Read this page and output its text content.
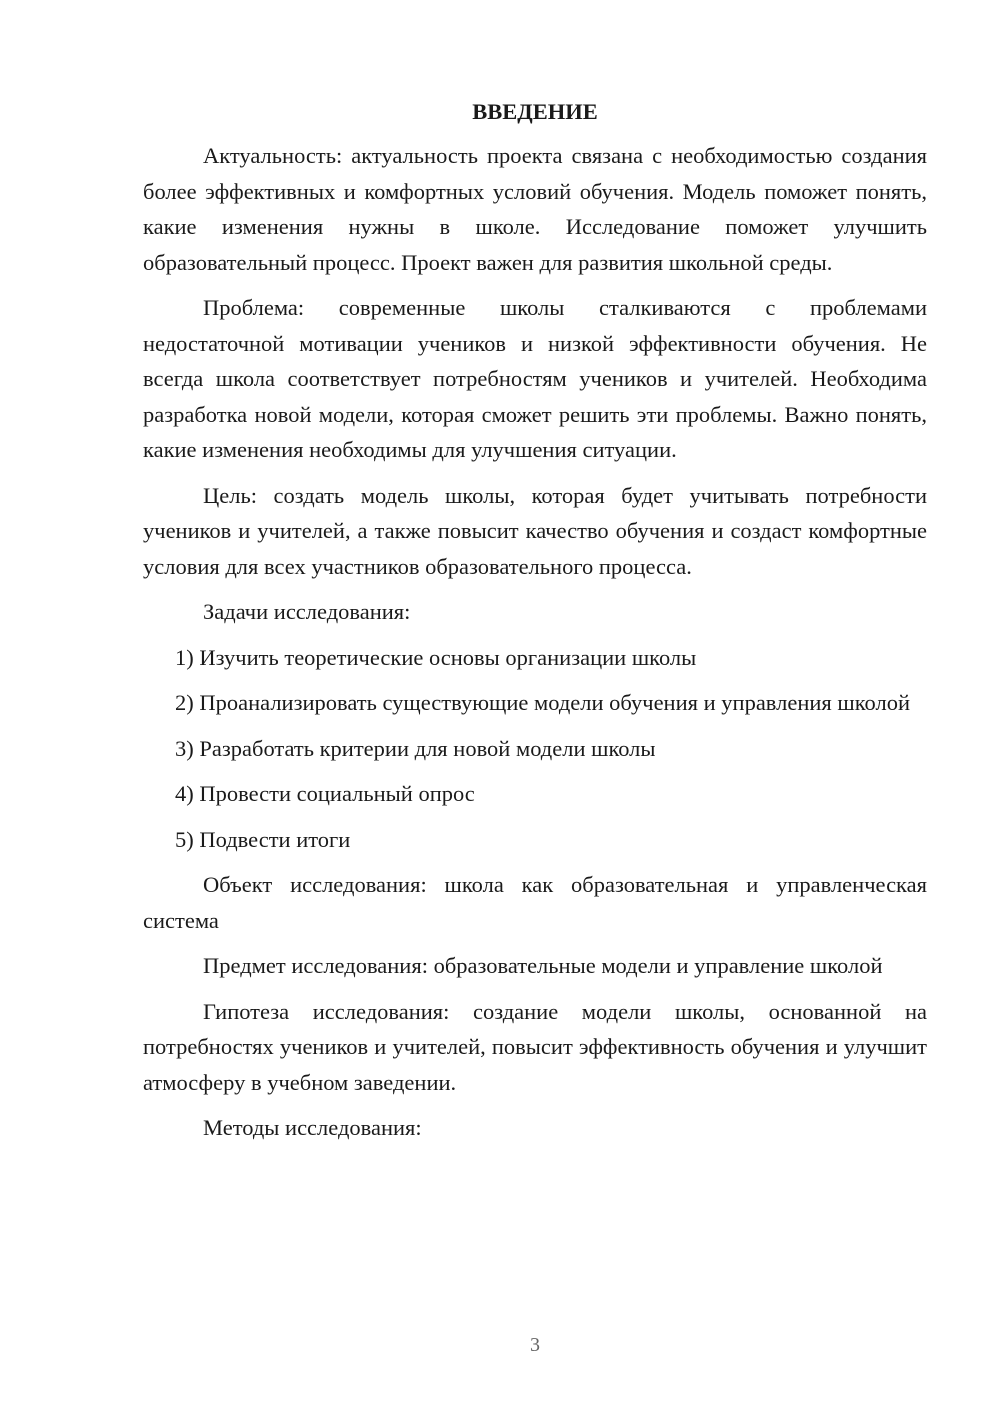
ВВЕДЕНИЕ

Актуальность: актуальность проекта связана с необходимостью создания более эффективных и комфортных условий обучения. Модель поможет понять, какие изменения нужны в школе. Исследование поможет улучшить образовательный процесс. Проект важен для развития школьной среды.

Проблема: современные школы сталкиваются с проблемами недостаточной мотивации учеников и низкой эффективности обучения. Не всегда школа соответствует потребностям учеников и учителей. Необходима разработка новой модели, которая сможет решить эти проблемы. Важно понять, какие изменения необходимы для улучшения ситуации.

Цель: создать модель школы, которая будет учитывать потребности учеников и учителей, а также повысит качество обучения и создаст комфортные условия для всех участников образовательного процесса.

Задачи исследования:

1) Изучить теоретические основы организации школы

2) Проанализировать существующие модели обучения и управления школой

3) Разработать критерии для новой модели школы

4) Провести социальный опрос

5) Подвести итоги

Объект исследования: школа как образовательная и управленческая система

Предмет исследования: образовательные модели и управление школой

Гипотеза исследования: создание модели школы, основанной на потребностях учеников и учителей, повысит эффективность обучения и улучшит атмосферу в учебном заведении.

Методы исследования:

3
